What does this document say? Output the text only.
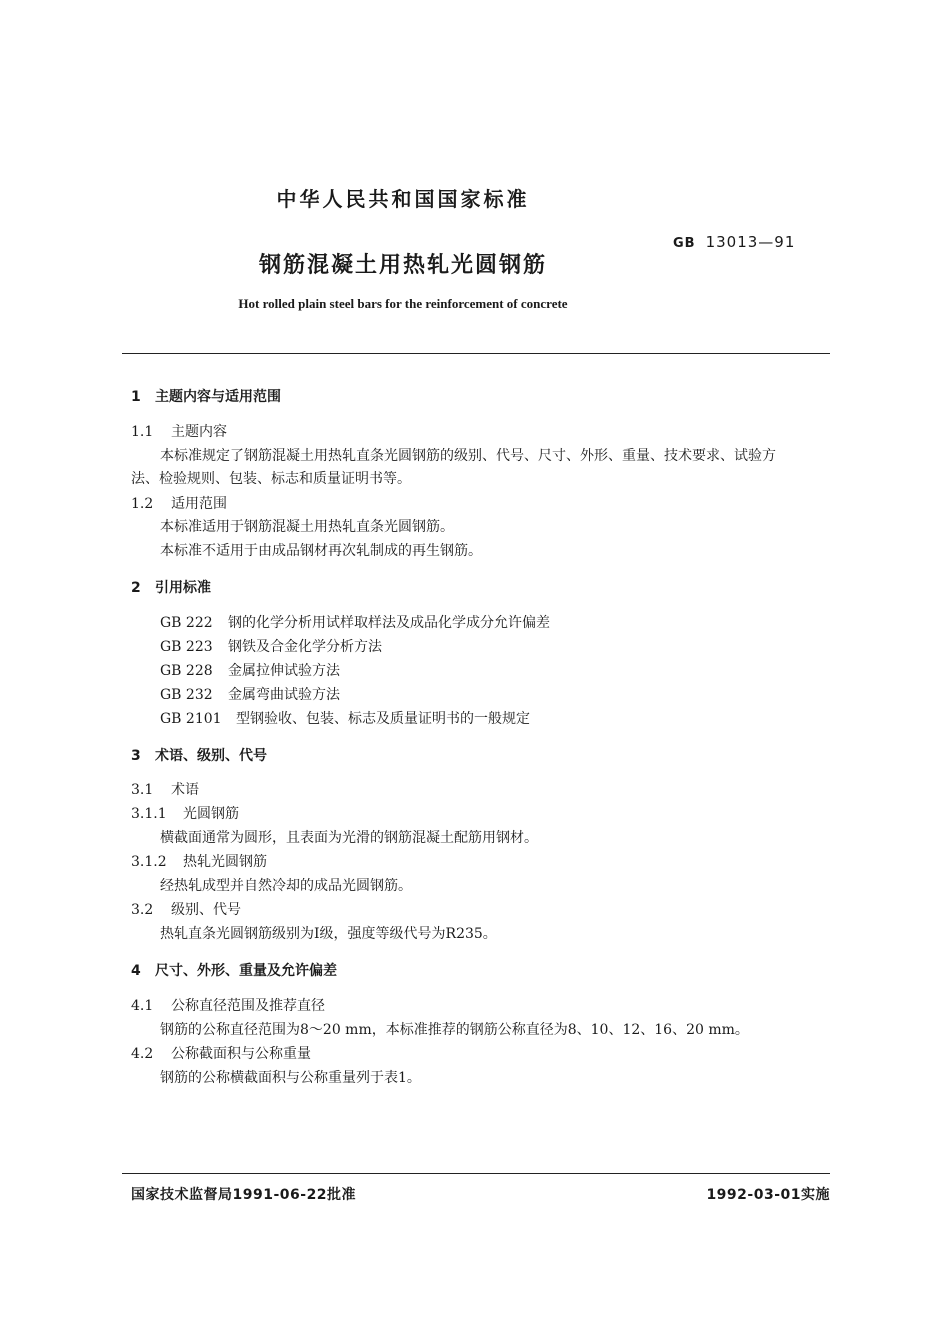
中华人民共和国国家标准
GB 13013—91
钢筋混凝土用热轧光圆钢筋
Hot rolled plain steel bars for the reinforcement of concrete
1 主题内容与适用范围
1.1 主题内容
本标准规定了钢筋混凝土用热轧直条光圆钢筋的级别、代号、尺寸、外形、重量、技术要求、试验方
法、检验规则、包装、标志和质量证明书等。
1.2 适用范围
本标准适用于钢筋混凝土用热轧直条光圆钢筋。
本标准不适用于由成品钢材再次轧制成的再生钢筋。
2 引用标准
GB 222 钢的化学分析用试样取样法及成品化学成分允许偏差
GB 223 钢铁及合金化学分析方法
GB 228 金属拉伸试验方法
GB 232 金属弯曲试验方法
GB 2101 型钢验收、包装、标志及质量证明书的一般规定
3 术语、级别、代号
3.1 术语
3.1.1 光圆钢筋
横截面通常为圆形，且表面为光滑的钢筋混凝土配筋用钢材。
3.1.2 热轧光圆钢筋
经热轧成型并自然冷却的成品光圆钢筋。
3.2 级别、代号
热轧直条光圆钢筋级别为Ⅰ级，强度等级代号为R235。
4 尺寸、外形、重量及允许偏差
4.1 公称直径范围及推荐直径
钢筋的公称直径范围为8～20 mm，本标准推荐的钢筋公称直径为8、10、12、16、20 mm。
4.2 公称截面积与公称重量
钢筋的公称横截面积与公称重量列于表1。
国家技术监督局1991-06-22批准	1992-03-01实施
